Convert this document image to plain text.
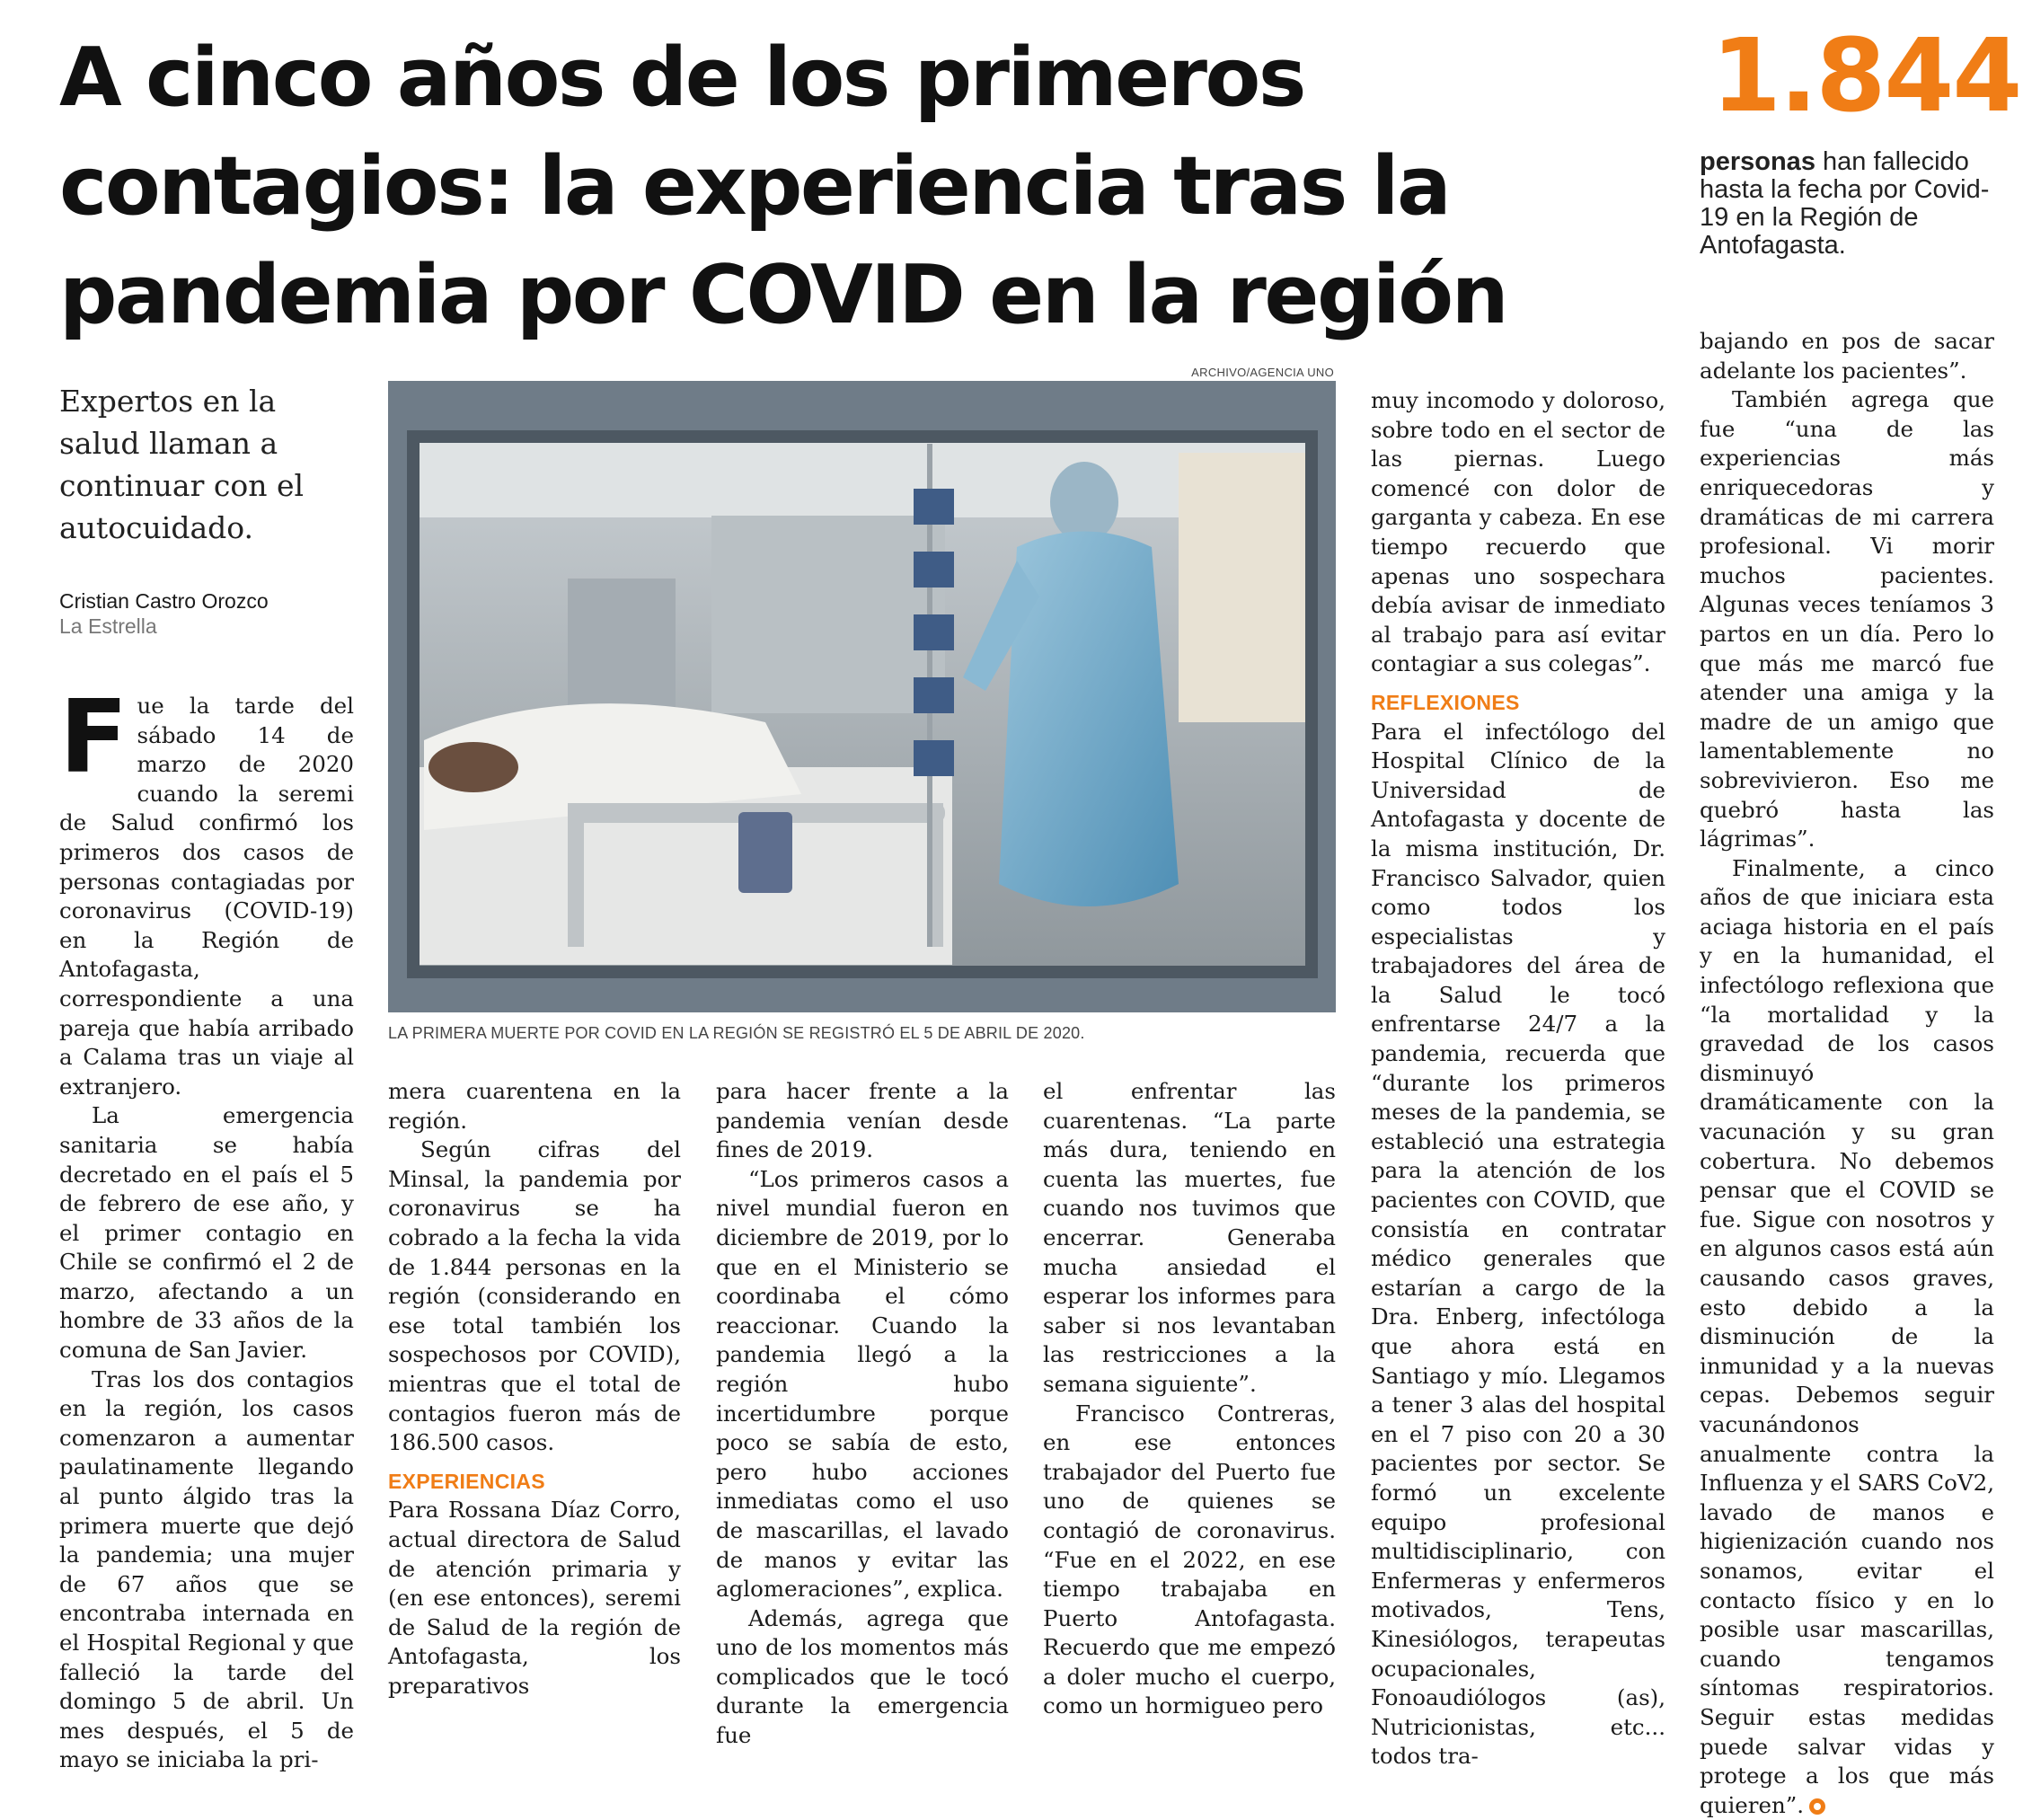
A cinco años de los primeros contagios: la experiencia tras la pandemia por COVID en la región
1.844
personas han fallecido hasta la fecha por Covid-19 en la Región de Antofagasta.
Expertos en la salud llaman a continuar con el autocuidado.
Cristian Castro Orozco
La Estrella
ARCHIVO/AGENCIA UNO
LA PRIMERA MUERTE POR COVID EN LA REGIÓN SE REGISTRÓ EL 5 DE ABRIL DE 2020.
F ue la tarde del sábado 14 de marzo de 2020 cuando la seremi de Salud confirmó los primeros dos casos de personas contagiadas por coronavirus (COVID-19) en la Región de Antofagasta, correspondiente a una pareja que había arribado a Calama tras un viaje al extranjero.

La emergencia sanitaria se había decretado en el país el 5 de febrero de ese año, y el primer contagio en Chile se confirmó el 2 de marzo, afectando a un hombre de 33 años de la comuna de San Javier.

Tras los dos contagios en la región, los casos comenzaron a aumentar paulatinamente llegando al punto álgido tras la primera muerte que dejó la pandemia; una mujer de 67 años que se encontraba internada en el Hospital Regional y que falleció la tarde del domingo 5 de abril. Un mes después, el 5 de mayo se iniciaba la pri-

mera cuarentena en la región.

Según cifras del Minsal, la pandemia por coronavirus se ha cobrado a la fecha la vida de 1.844 personas en la región (considerando en ese total también los sospechosos por COVID), mientras que el total de contagios fueron más de 186.500 casos.

EXPERIENCIAS

Para Rossana Díaz Corro, actual directora de Salud de atención primaria y (en ese entonces), seremi de Salud de la región de Antofagasta, los preparativos

para hacer frente a la pandemia venían desde fines de 2019.

“Los primeros casos a nivel mundial fueron en diciembre de 2019, por lo que en el Ministerio se coordinaba el cómo reaccionar. Cuando la pandemia llegó a la región hubo incertidumbre porque poco se sabía de esto, pero hubo acciones inmediatas como el uso de mascarillas, el lavado de manos y evitar las aglomeraciones”, explica.

Además, agrega que uno de los momentos más complicados que le tocó durante la emergencia fue

el enfrentar las cuarentenas. “La parte más dura, teniendo en cuenta las muertes, fue cuando nos tuvimos que encerrar. Generaba mucha ansiedad el esperar los informes para saber si nos levantaban las restricciones a la semana siguiente”.

Francisco Contreras, en ese entonces trabajador del Puerto fue uno de quienes se contagió de coronavirus. “Fue en el 2022, en ese tiempo trabajaba en Puerto Antofagasta. Recuerdo que me empezó a doler mucho el cuerpo, como un hormigueo pero

muy incomodo y doloroso, sobre todo en el sector de las piernas. Luego comencé con dolor de garganta y cabeza. En ese tiempo recuerdo que apenas uno sospechara debía avisar de inmediato al trabajo para así evitar contagiar a sus colegas”.

REFLEXIONES

Para el infectólogo del Hospital Clínico de la Universidad de Antofagasta y docente de la misma institución, Dr. Francisco Salvador, quien como todos los especialistas y trabajadores del área de la Salud le tocó enfrentarse 24/7 a la pandemia, recuerda que “durante los primeros meses de la pandemia, se estableció una estrategia para la atención de los pacientes con COVID, que consistía en contratar médico generales que estarían a cargo de la Dra. Enberg, infectóloga que ahora está en Santiago y mío. Llegamos a tener 3 alas del hospital en el 7 piso con 20 a 30 pacientes por sector. Se formó un excelente equipo profesional multidisciplinario, con Enfermeras y enfermeros motivados, Tens, Kinesiólogos, terapeutas ocupacionales, Fonoaudiólogos (as), Nutricionistas, etc... todos tra-

bajando en pos de sacar adelante los pacientes”.

También agrega que fue “una de las experiencias más enriquecedoras y dramáticas de mi carrera profesional. Vi morir muchos pacientes. Algunas veces teníamos 3 partos en un día. Pero lo que más me marcó fue atender una amiga y la madre de un amigo que lamentablemente no sobrevivieron. Eso me quebró hasta las lágrimas”.

Finalmente, a cinco años de que iniciara esta aciaga historia en el país y en la humanidad, el infectólogo reflexiona que “la mortalidad y la gravedad de los casos disminuyó dramáticamente con la vacunación y su gran cobertura. No debemos pensar que el COVID se fue. Sigue con nosotros y en algunos casos está aún causando casos graves, esto debido a la disminución de la inmunidad y a la nuevas cepas. Debemos seguir vacunándonos anualmente contra la Influenza y el SARS CoV2, lavado de manos e higienización cuando nos sonamos, evitar el contacto físico y en lo posible usar mascarillas, cuando tengamos síntomas respiratorios. Seguir estas medidas puede salvar vidas y protege a los que más quieren”.
